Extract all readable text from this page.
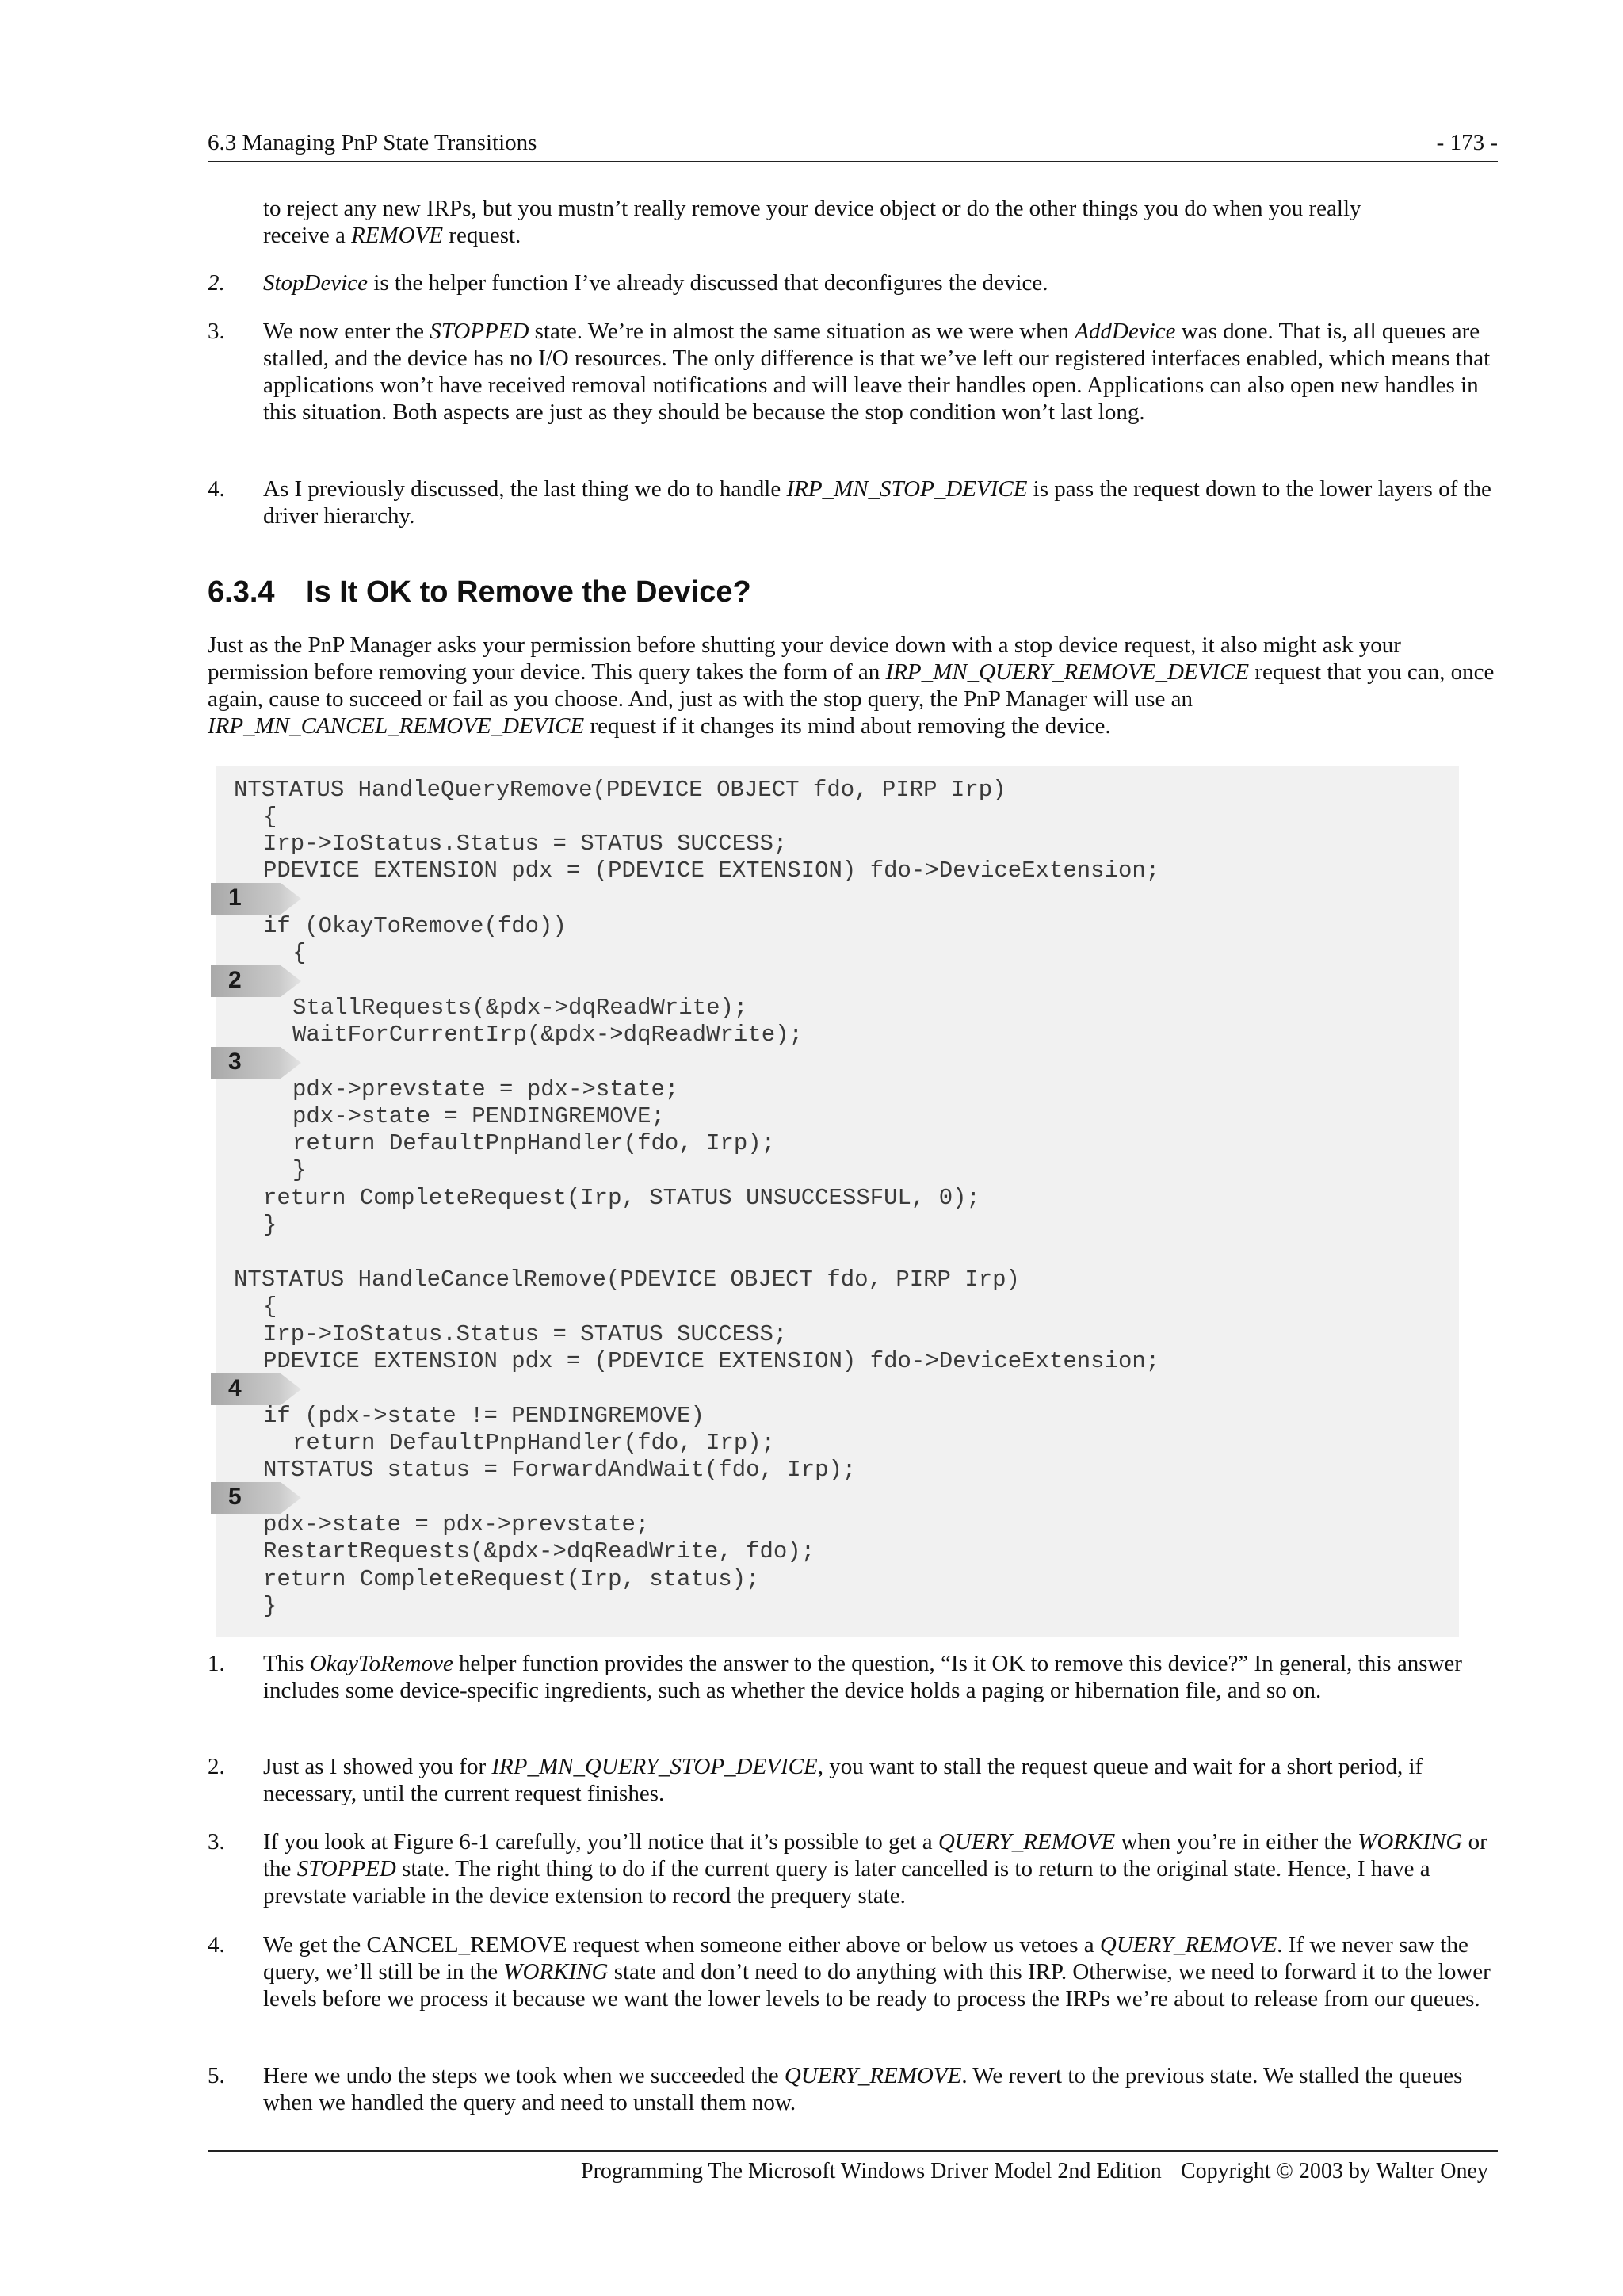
6.3 Managing PnP State Transitions	- 173 -
to reject any new IRPs, but you mustn’t really remove your device object or do the other things you do when you really
receive a REMOVE request.
2. StopDevice is the helper function I’ve already discussed that deconfigures the device.
3. We now enter the STOPPED state. We’re in almost the same situation as we were when AddDevice was done. That is, all queues are stalled, and the device has no I/O resources. The only difference is that we’ve left our registered interfaces enabled, which means that applications won’t have received removal notifications and will leave their handles open. Applications can also open new handles in this situation. Both aspects are just as they should be because the stop condition won’t last long.
4. As I previously discussed, the last thing we do to handle IRP_MN_STOP_DEVICE is pass the request down to the lower layers of the driver hierarchy.
6.3.4 Is It OK to Remove the Device?
Just as the PnP Manager asks your permission before shutting your device down with a stop device request, it also might ask your permission before removing your device. This query takes the form of an IRP_MN_QUERY_REMOVE_DEVICE request that you can, once again, cause to succeed or fail as you choose. And, just as with the stop query, the PnP Manager will use an IRP_MN_CANCEL_REMOVE_DEVICE request if it changes its mind about removing the device.
NTSTATUS HandleQueryRemove(PDEVICE OBJECT fdo, PIRP Irp)
{
Irp->IoStatus.Status = STATUS SUCCESS;
PDEVICE EXTENSION pdx = (PDEVICE EXTENSION) fdo->DeviceExtension;
if (OkayToRemove(fdo))
{
StallRequests(&pdx->dqReadWrite);
WaitForCurrentIrp(&pdx->dqReadWrite);
pdx->prevstate = pdx->state;
pdx->state = PENDINGREMOVE;
return DefaultPnpHandler(fdo, Irp);
}
return CompleteRequest(Irp, STATUS UNSUCCESSFUL, 0);
}
NTSTATUS HandleCancelRemove(PDEVICE OBJECT fdo, PIRP Irp)
{
Irp->IoStatus.Status = STATUS SUCCESS;
PDEVICE EXTENSION pdx = (PDEVICE EXTENSION) fdo->DeviceExtension;
if (pdx->state != PENDINGREMOVE)
return DefaultPnpHandler(fdo, Irp);
NTSTATUS status = ForwardAndWait(fdo, Irp);
pdx->state = pdx->prevstate;
RestartRequests(&pdx->dqReadWrite, fdo);
return CompleteRequest(Irp, status);
}
1
2
3
4
5
1. This OkayToRemove helper function provides the answer to the question, “Is it OK to remove this device?” In general, this answer includes some device-specific ingredients, such as whether the device holds a paging or hibernation file, and so on.
2. Just as I showed you for IRP_MN_QUERY_STOP_DEVICE, you want to stall the request queue and wait for a short period, if necessary, until the current request finishes.
3. If you look at Figure 6-1 carefully, you’ll notice that it’s possible to get a QUERY_REMOVE when you’re in either the WORKING or the STOPPED state. The right thing to do if the current query is later cancelled is to return to the original state. Hence, I have a prevstate variable in the device extension to record the prequery state.
4. We get the CANCEL_REMOVE request when someone either above or below us vetoes a QUERY_REMOVE. If we never saw the query, we’ll still be in the WORKING state and don’t need to do anything with this IRP. Otherwise, we need to forward it to the lower levels before we process it because we want the lower levels to be ready to process the IRPs we’re about to release from our queues.
5. Here we undo the steps we took when we succeeded the QUERY_REMOVE. We revert to the previous state. We stalled the queues when we handled the query and need to unstall them now.
Programming The Microsoft Windows Driver Model 2nd Edition Copyright © 2003 by Walter Oney
